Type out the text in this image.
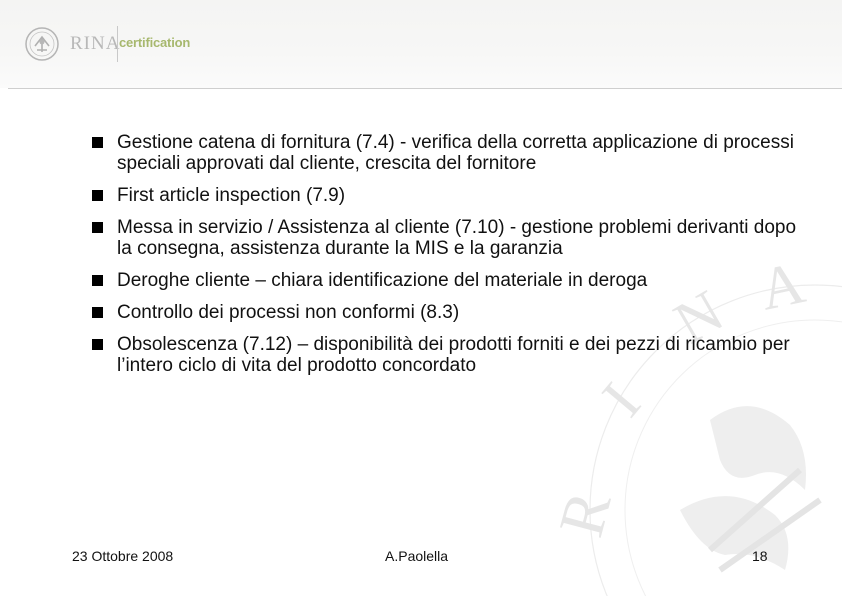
RINA
certification
R
I
N A
Gestione catena di fornitura (7.4) - verifica della corretta applicazione di processi speciali approvati dal cliente, crescita del fornitore
First article inspection (7.9)
Messa in servizio / Assistenza al cliente (7.10) - gestione problemi derivanti dopo la consegna, assistenza durante la MIS e la garanzia
Deroghe cliente – chiara identificazione del materiale in deroga
Controllo dei processi non conformi (8.3)
Obsolescenza (7.12) – disponibilità dei prodotti forniti e dei pezzi di ricambio per l’intero ciclo di vita del prodotto concordato
23 Ottobre 2008	A.Paolella	18
